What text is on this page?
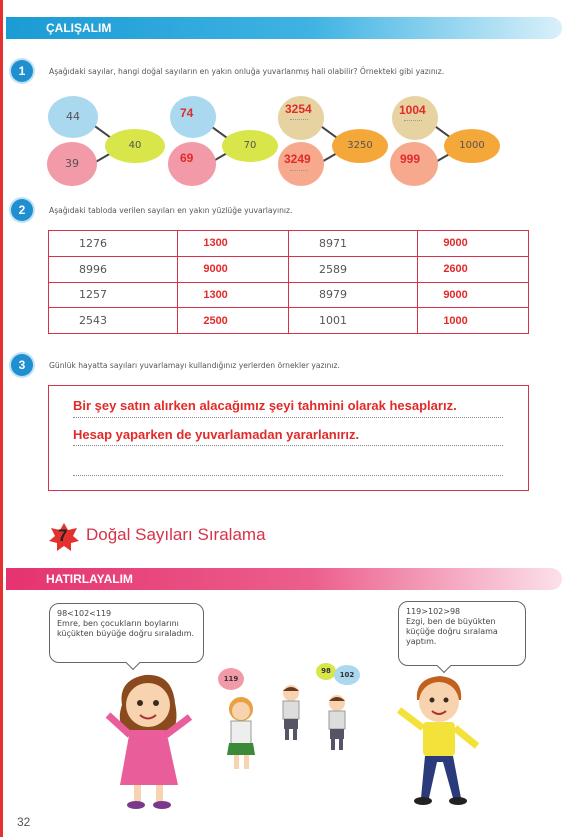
ÇALIŞALIM
1	Aşağıdaki sayılar, hangi doğal sayıların en yakın onluğa yuvarlanmış hali olabilir? Örnekteki gibi yazınız.
44
39
40
74
69
70
3254
3249
3250
1004
999
1000
2	Aşağıdaki tabloda verilen sayıları en yakın yüzlüğe yuvarlayınız.
1276	1300	8971	9000
8996	9000	2589	2600
1257	1300	8979	9000
2543	2500	1001	1000
3	Günlük hayatta sayıları yuvarlamayı kullandığınız yerlerden örnekler yazınız.
Bir şey satın alırken alacağımız şeyi tahmini olarak hesaplarız.
Hesap yaparken de yuvarlamadan yararlanırız.
7 Doğal Sayıları Sıralama
HATIRLAYALIM
98<102<119
Emre, ben çocukların boylarını küçükten büyüğe doğru sıraladım.
119>102>98
Ezgi, ben de büyükten küçüğe doğru sıralama yaptım.
119
98	102
32
